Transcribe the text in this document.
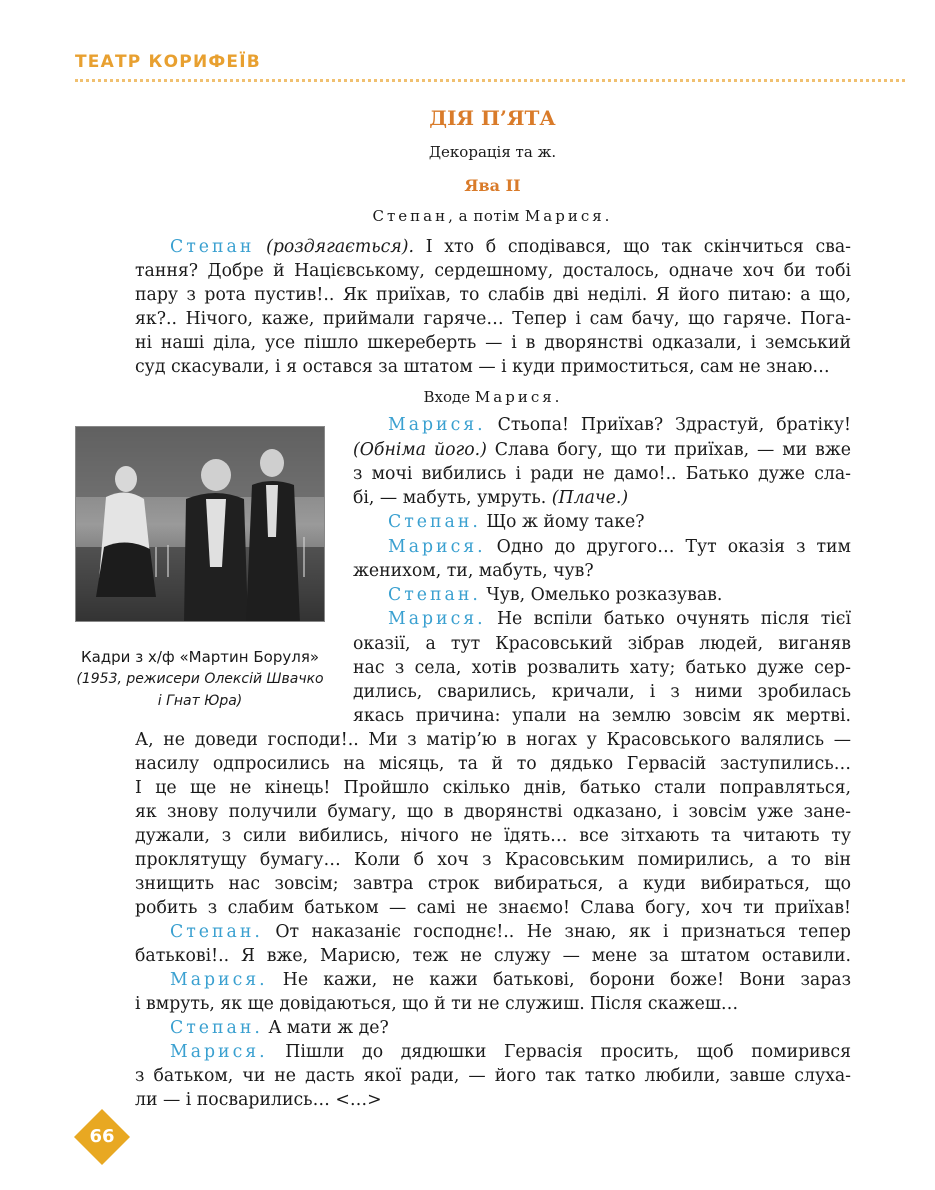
ТЕАТР КОРИФЕЇВ
ДІЯ П’ЯТА
Декорація та ж.
Ява II
Степан, а потім Марися.
Степан (роздягається). І хто б сподівався, що так скінчиться сва-
тання? Добре й Націєвському, сердешному, досталось, одначе хоч би тобі
пару з рота пустив!.. Як приїхав, то слабів дві неділі. Я його питаю: а що,
як?.. Нічого, каже, приймали гаряче… Тепер і сам бачу, що гаряче. Пога-
ні наші діла, усе пішло шкереберть — і в дворянстві одказали, і земський
суд скасували, і я остався за штатом — і куди примоститься, сам не знаю…
Входе Марися.
Кадри з х/ф «Мартин Боруля»
(1953, режисери Олексій Швачко
і Гнат Юра)
Марися. Стьопа! Приїхав? Здрастуй, братіку!
(Обніма його.) Слава богу, що ти приїхав, — ми вже
з мочі вибились і ради не дамо!.. Батько дуже сла-
бі, — мабуть, умруть. (Плаче.)
Степан. Що ж йому таке?
Марися. Одно до другого… Тут оказія з тим
женихом, ти, мабуть, чув?
Степан. Чув, Омелько розказував.
Марися. Не вспіли батько очунять після тієї
оказії, а тут Красовський зібрав людей, виганяв
нас з села, хотів розвалить хату; батько дуже сер-
дились, сварились, кричали, і з ними зробилась
якась причина: упали на землю зовсім як мертві.
А, не доведи господи!.. Ми з матір’ю в ногах у Красовського валялись —
насилу одпросились на місяць, та й то дядько Гервасій заступились…
І це ще не кінець! Пройшло скілько днів, батько стали поправляться,
як знову получили бумагу, що в дворянстві одказано, і зовсім уже зане-
дужали, з сили вибились, нічого не їдять… все зітхають та читають ту
проклятущу бумагу… Коли б хоч з Красовським помирились, а то він
знищить нас зовсім; завтра строк вибираться, а куди вибираться, що
робить з слабим батьком — самі не знаємо! Слава богу, хоч ти приїхав!
Степан. От наказаніє господнє!.. Не знаю, як і признаться тепер
батькові!.. Я вже, Марисю, теж не служу — мене за штатом оставили.
Марися. Не кажи, не кажи батькові, борони боже! Вони зараз
і вмруть, як ще довідаються, що й ти не служиш. Після скажеш…
Степан. А мати ж де?
Марися. Пішли до дядюшки Гервасія просить, щоб помирився
з батьком, чи не дасть якої ради, — його так татко любили, завше слуха-
ли — і посварились… <…>
66
